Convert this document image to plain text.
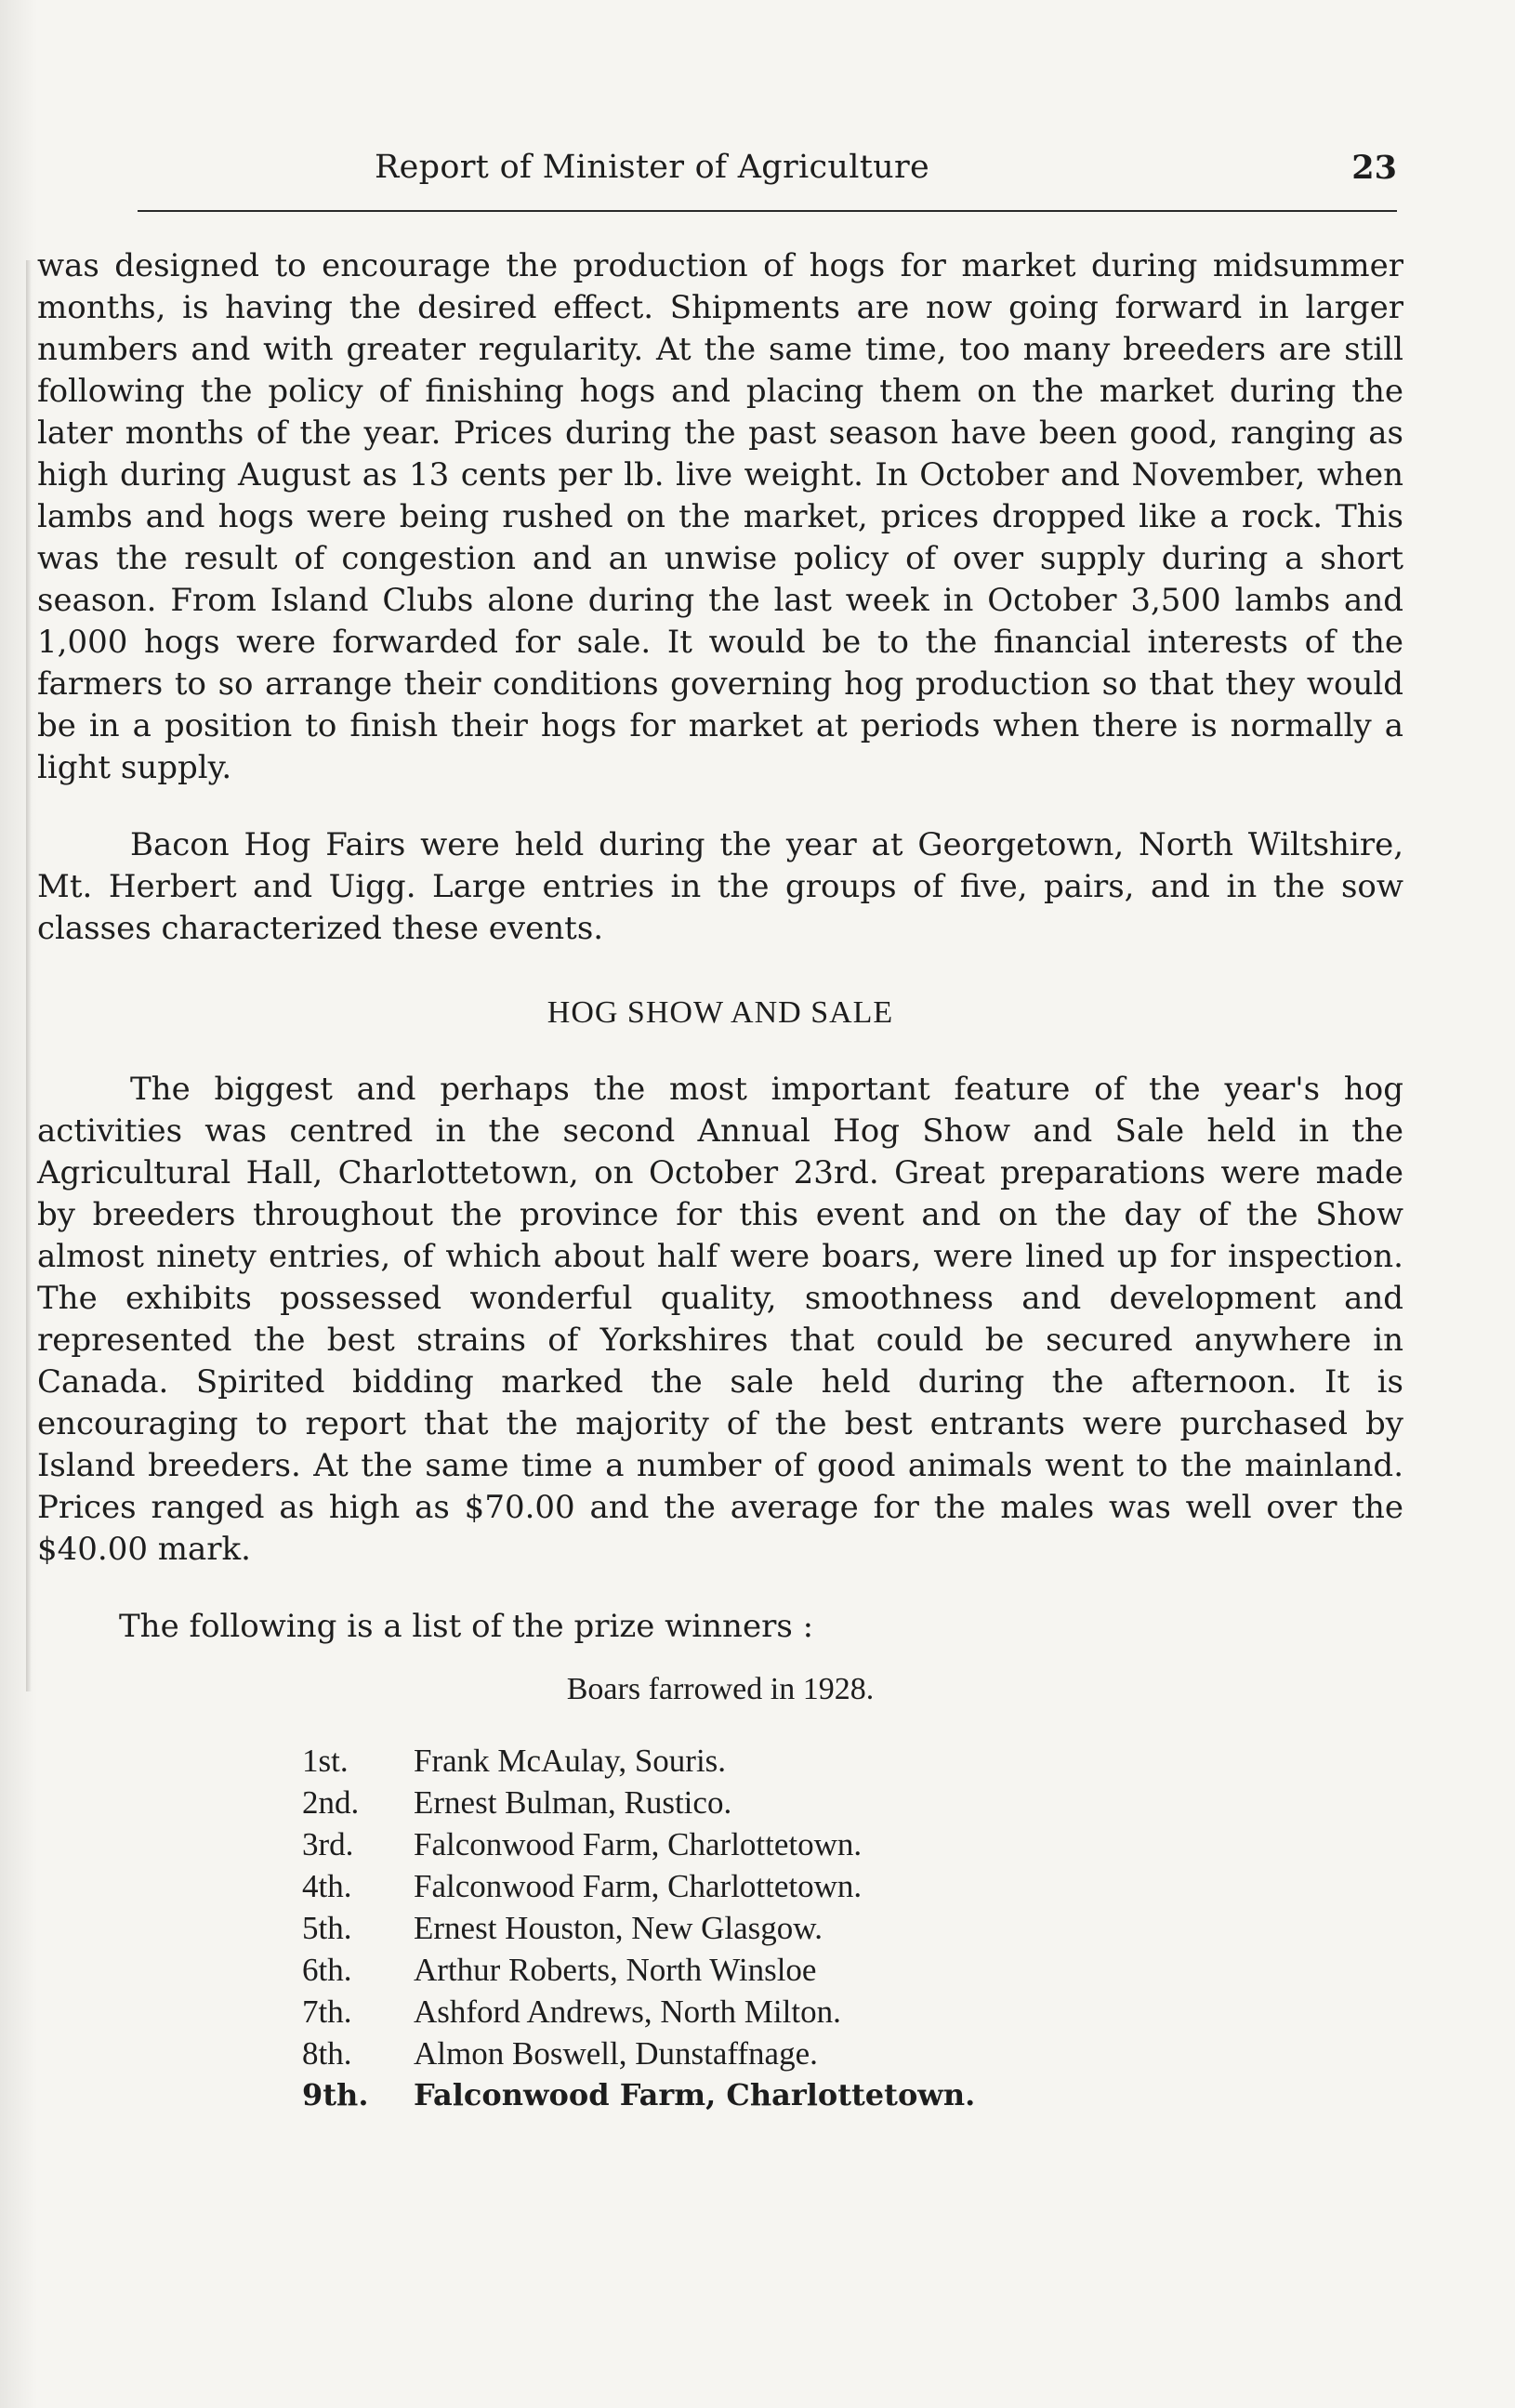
Report of Minister of Agriculture	23

was designed to encourage the production of hogs for market during midsummer months, is having the desired effect. Shipments are now going forward in larger numbers and with greater regularity. At the same time, too many breeders are still following the policy of finishing hogs and placing them on the market during the later months of the year. Prices during the past season have been good, ranging as high during August as 13 cents per lb. live weight. In October and November, when lambs and hogs were being rushed on the market, prices dropped like a rock. This was the result of congestion and an unwise policy of over supply during a short season. From Island Clubs alone during the last week in October 3,500 lambs and 1,000 hogs were forwarded for sale. It would be to the financial interests of the farmers to so arrange their conditions governing hog production so that they would be in a position to finish their hogs for market at periods when there is normally a light supply.

Bacon Hog Fairs were held during the year at Georgetown, North Wiltshire, Mt. Herbert and Uigg. Large entries in the groups of five, pairs, and in the sow classes characterized these events.

HOG SHOW AND SALE

The biggest and perhaps the most important feature of the year's hog activities was centred in the second Annual Hog Show and Sale held in the Agricultural Hall, Charlottetown, on October 23rd. Great preparations were made by breeders throughout the province for this event and on the day of the Show almost ninety entries, of which about half were boars, were lined up for inspection. The exhibits possessed wonderful quality, smoothness and development and represented the best strains of Yorkshires that could be secured anywhere in Canada. Spirited bidding marked the sale held during the afternoon. It is encouraging to report that the majority of the best entrants were purchased by Island breeders. At the same time a number of good animals went to the mainland. Prices ranged as high as $70.00 and the average for the males was well over the $40.00 mark.

The following is a list of the prize winners :

Boars farrowed in 1928.
1st.	Frank McAulay, Souris.
2nd.	Ernest Bulman, Rustico.
3rd.	Falconwood Farm, Charlottetown.
4th.	Falconwood Farm, Charlottetown.
5th.	Ernest Houston, New Glasgow.
6th.	Arthur Roberts, North Winsloe
7th.	Ashford Andrews, North Milton.
8th.	Almon Boswell, Dunstaffnage.
9th.	Falconwood Farm, Charlottetown.
